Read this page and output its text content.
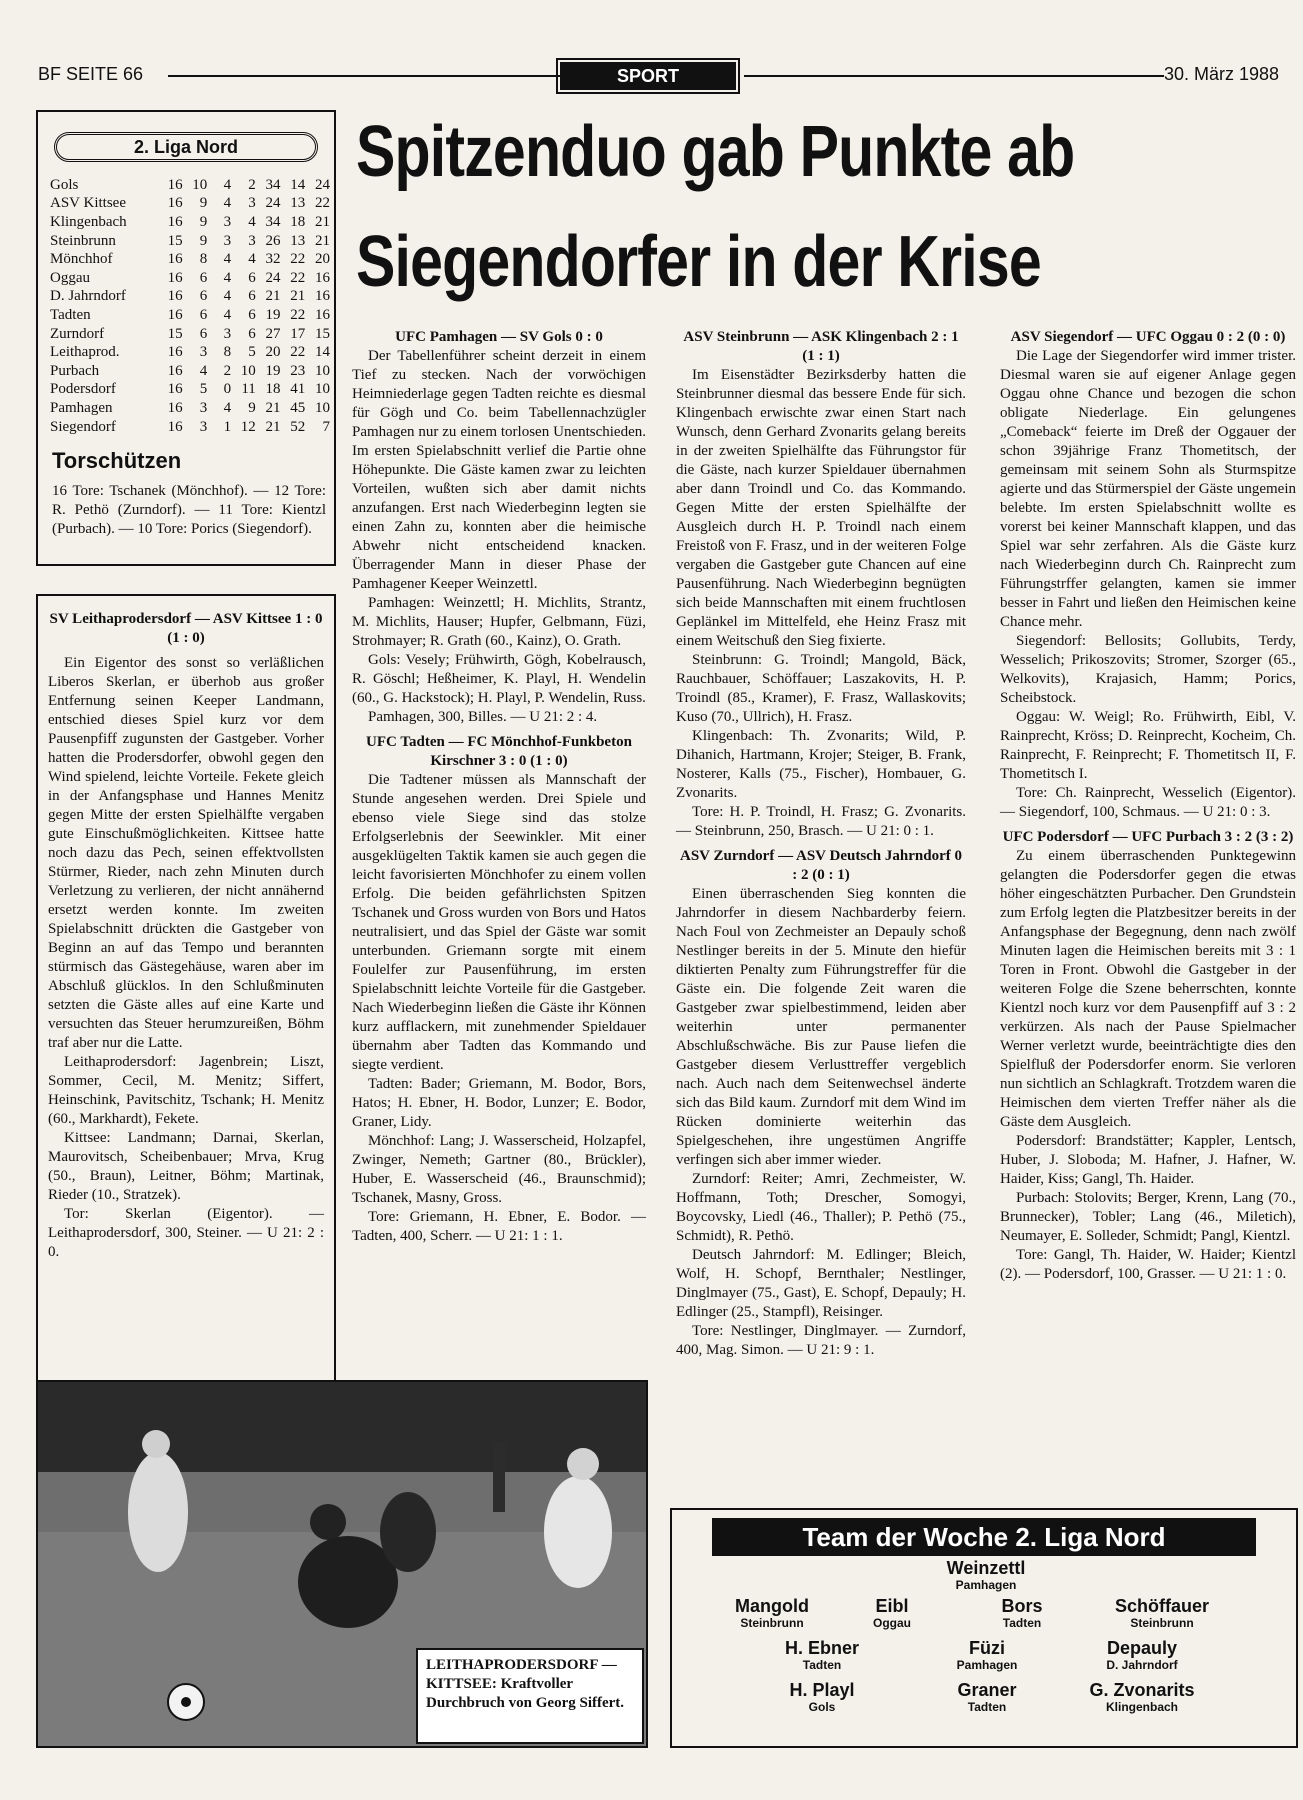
BF SEITE 66	SPORT	30. März 1988
2. Liga Nord
Gols	16	10	4	2	34	14	24
ASV Kittsee	16	9	4	3	24	13	22
Klingenbach	16	9	3	4	34	18	21
Steinbrunn	15	9	3	3	26	13	21
Mönchhof	16	8	4	4	32	22	20
Oggau	16	6	4	6	24	22	16
D. Jahrndorf	16	6	4	6	21	21	16
Tadten	16	6	4	6	19	22	16
Zurndorf	15	6	3	6	27	17	15
Leithaprod.	16	3	8	5	20	22	14
Purbach	16	4	2	10	19	23	10
Podersdorf	16	5	0	11	18	41	10
Pamhagen	16	3	4	9	21	45	10
Siegendorf	16	3	1	12	21	52	7
Torschützen
16 Tore: Tschanek (Mönchhof). — 12 Tore: R. Pethö (Zurndorf). — 11 Tore: Kientzl (Purbach). — 10 Tore: Porics (Siegendorf).
Spitzenduo gab Punkte ab
Siegendorfer in der Krise
SV Leithaprodersdorf — ASV Kittsee 1 : 0 (1 : 0)

Ein Eigentor des sonst so verläßlichen Liberos Skerlan, er überhob aus großer Entfernung seinen Keeper Landmann, entschied dieses Spiel kurz vor dem Pausenpfiff zugunsten der Gastgeber. Vorher hatten die Prodersdorfer, obwohl gegen den Wind spielend, leichte Vorteile. Fekete gleich in der Anfangsphase und Hannes Menitz gegen Mitte der ersten Spielhälfte vergaben gute Einschußmöglichkeiten. Kittsee hatte noch dazu das Pech, seinen effektvollsten Stürmer, Rieder, nach zehn Minuten durch Verletzung zu verlieren, der nicht annähernd ersetzt werden konnte. Im zweiten Spielabschnitt drückten die Gastgeber von Beginn an auf das Tempo und berannten stürmisch das Gästegehäuse, waren aber im Abschluß glücklos. In den Schlußminuten setzten die Gäste alles auf eine Karte und versuchten das Steuer herumzureißen, Böhm traf aber nur die Latte.

Leithaprodersdorf: Jagenbrein; Liszt, Sommer, Cecil, M. Menitz; Siffert, Heinschink, Pavitschitz, Tschank; H. Menitz (60., Markhardt), Fekete.

Kittsee: Landmann; Darnai, Skerlan, Maurovitsch, Scheibenbauer; Mrva, Krug (50., Braun), Leitner, Böhm; Martinak, Rieder (10., Stratzek).

Tor: Skerlan (Eigentor). — Leithaprodersdorf, 300, Steiner. — U 21: 2 : 0.

UFC Pamhagen — SV Gols 0 : 0

Der Tabellenführer scheint derzeit in einem Tief zu stecken. Nach der vorwöchigen Heimniederlage gegen Tadten reichte es diesmal für Gögh und Co. beim Tabellennachzügler Pamhagen nur zu einem torlosen Unentschieden. Im ersten Spielabschnitt verlief die Partie ohne Höhepunkte. Die Gäste kamen zwar zu leichten Vorteilen, wußten sich aber damit nichts anzufangen. Erst nach Wiederbeginn legten sie einen Zahn zu, konnten aber die heimische Abwehr nicht entscheidend knacken. Überragender Mann in dieser Phase der Pamhagener Keeper Weinzettl.

Pamhagen: Weinzettl; H. Michlits, Strantz, M. Michlits, Hauser; Hupfer, Gelbmann, Füzi, Strohmayer; R. Grath (60., Kainz), O. Grath.

Gols: Vesely; Frühwirth, Gögh, Kobelrausch, R. Göschl; Heßheimer, K. Playl, H. Wendelin (60., G. Hackstock); H. Playl, P. Wendelin, Russ.

Pamhagen, 300, Billes. — U 21: 2 : 4.

UFC Tadten — FC Mönchhof-Funkbeton Kirschner 3 : 0 (1 : 0)

Die Tadtener müssen als Mannschaft der Stunde angesehen werden. Drei Spiele und ebenso viele Siege sind das stolze Erfolgserlebnis der Seewinkler. Mit einer ausgeklügelten Taktik kamen sie auch gegen die leicht favorisierten Mönchhofer zu einem vollen Erfolg. Die beiden gefährlichsten Spitzen Tschanek und Gross wurden von Bors und Hatos neutralisiert, und das Spiel der Gäste war somit unterbunden. Griemann sorgte mit einem Foulelfer zur Pausenführung, im ersten Spielabschnitt leichte Vorteile für die Gastgeber. Nach Wiederbeginn ließen die Gäste ihr Können kurz aufflackern, mit zunehmender Spieldauer übernahm aber Tadten das Kommando und siegte verdient.

Tadten: Bader; Griemann, M. Bodor, Bors, Hatos; H. Ebner, H. Bodor, Lunzer; E. Bodor, Graner, Lidy.

Mönchhof: Lang; J. Wasserscheid, Holzapfel, Zwinger, Nemeth; Gartner (80., Brückler), Huber, E. Wasserscheid (46., Braunschmid); Tschanek, Masny, Gross.

Tore: Griemann, H. Ebner, E. Bodor. — Tadten, 400, Scherr. — U 21: 1 : 1.

ASV Steinbrunn — ASK Klingenbach 2 : 1 (1 : 1)

Im Eisenstädter Bezirksderby hatten die Steinbrunner diesmal das bessere Ende für sich. Klingenbach erwischte zwar einen Start nach Wunsch, denn Gerhard Zvonarits gelang bereits in der zweiten Spielhälfte das Führungstor für die Gäste, nach kurzer Spieldauer übernahmen aber dann Troindl und Co. das Kommando. Gegen Mitte der ersten Spielhälfte der Ausgleich durch H. P. Troindl nach einem Freistoß von F. Frasz, und in der weiteren Folge vergaben die Gastgeber gute Chancen auf eine Pausenführung. Nach Wiederbeginn begnügten sich beide Mannschaften mit einem fruchtlosen Geplänkel im Mittelfeld, ehe Heinz Frasz mit einem Weitschuß den Sieg fixierte.

Steinbrunn: G. Troindl; Mangold, Bäck, Rauchbauer, Schöffauer; Laszakovits, H. P. Troindl (85., Kramer), F. Frasz, Wallaskovits; Kuso (70., Ullrich), H. Frasz.

Klingenbach: Th. Zvonarits; Wild, P. Dihanich, Hartmann, Krojer; Steiger, B. Frank, Nosterer, Kalls (75., Fischer), Hombauer, G. Zvonarits.

Tore: H. P. Troindl, H. Frasz; G. Zvonarits. — Steinbrunn, 250, Brasch. — U 21: 0 : 1.

ASV Zurndorf — ASV Deutsch Jahrndorf 0 : 2 (0 : 1)

Einen überraschenden Sieg konnten die Jahrndorfer in diesem Nachbarderby feiern. Nach Foul von Zechmeister an Depauly schoß Nestlinger bereits in der 5. Minute den hiefür diktierten Penalty zum Führungstreffer für die Gäste ein. Die folgende Zeit waren die Gastgeber zwar spielbestimmend, leiden aber weiterhin unter permanenter Abschlußschwäche. Bis zur Pause liefen die Gastgeber diesem Verlusttreffer vergeblich nach. Auch nach dem Seitenwechsel änderte sich das Bild kaum. Zurndorf mit dem Wind im Rücken dominierte weiterhin das Spielgeschehen, ihre ungestümen Angriffe verfingen sich aber immer wieder.

Zurndorf: Reiter; Amri, Zechmeister, W. Hoffmann, Toth; Drescher, Somogyi, Boycovsky, Liedl (46., Thaller); P. Pethö (75., Schmidt), R. Pethö.

Deutsch Jahrndorf: M. Edlinger; Bleich, Wolf, H. Schopf, Bernthaler; Nestlinger, Dinglmayer (75., Gast), E. Schopf, Depauly; H. Edlinger (25., Stampfl), Reisinger.

Tore: Nestlinger, Dinglmayer. — Zurndorf, 400, Mag. Simon. — U 21: 9 : 1.

ASV Siegendorf — UFC Oggau 0 : 2 (0 : 0)

Die Lage der Siegendorfer wird immer trister. Diesmal waren sie auf eigener Anlage gegen Oggau ohne Chance und bezogen die schon obligate Niederlage. Ein gelungenes „Comeback“ feierte im Dreß der Oggauer der schon 39jährige Franz Thometitsch, der gemeinsam mit seinem Sohn als Sturmspitze agierte und das Stürmerspiel der Gäste ungemein belebte. Im ersten Spielabschnitt wollte es vorerst bei keiner Mannschaft klappen, und das Spiel war sehr zerfahren. Als die Gäste kurz nach Wiederbeginn durch Ch. Rainprecht zum Führungstrffer gelangten, kamen sie immer besser in Fahrt und ließen den Heimischen keine Chance mehr.

Siegendorf: Bellosits; Gollubits, Terdy, Wesselich; Prikoszovits; Stromer, Szorger (65., Welkovits), Krajasich, Hamm; Porics, Scheibstock.

Oggau: W. Weigl; Ro. Frühwirth, Eibl, V. Rainprecht, Kröss; D. Reinprecht, Kocheim, Ch. Rainprecht, F. Reinprecht; F. Thometitsch II, F. Thometitsch I.

Tore: Ch. Rainprecht, Wesselich (Eigentor). — Siegendorf, 100, Schmaus. — U 21: 0 : 3.

UFC Podersdorf — UFC Purbach 3 : 2 (3 : 2)

Zu einem überraschenden Punktegewinn gelangten die Podersdorfer gegen die etwas höher eingeschätzten Purbacher. Den Grundstein zum Erfolg legten die Platzbesitzer bereits in der Anfangsphase der Begegnung, denn nach zwölf Minuten lagen die Heimischen bereits mit 3 : 1 Toren in Front. Obwohl die Gastgeber in der weiteren Folge die Szene beherrschten, konnte Kientzl noch kurz vor dem Pausenpfiff auf 3 : 2 verkürzen. Als nach der Pause Spielmacher Werner verletzt wurde, beeinträchtigte dies den Spielfluß der Podersdorfer enorm. Sie verloren nun sichtlich an Schlagkraft. Trotzdem waren die Heimischen dem vierten Treffer näher als die Gäste dem Ausgleich.

Podersdorf: Brandstätter; Kappler, Lentsch, Huber, J. Sloboda; M. Hafner, J. Hafner, W. Haider, Kiss; Gangl, Th. Haider.

Purbach: Stolovits; Berger, Krenn, Lang (70., Brunnecker), Tobler; Lang (46., Miletich), Neumayer, E. Solleder, Schmidt; Pangl, Kientzl.

Tore: Gangl, Th. Haider, W. Haider; Kientzl (2). — Podersdorf, 100, Grasser. — U 21: 1 : 0.

LEITHAPRODERSDORF — KITTSEE: Kraftvoller Durchbruch von Georg Siffert.
Team der Woche 2. Liga Nord
Weinzettl
Pamhagen
Mangold
Steinbrunn
Eibl
Oggau
Bors
Tadten
Schöffauer
Steinbrunn
H. Ebner
Tadten
Füzi
Pamhagen
Depauly
D. Jahrndorf
H. Playl
Gols
Graner
Tadten
G. Zvonarits
Klingenbach
